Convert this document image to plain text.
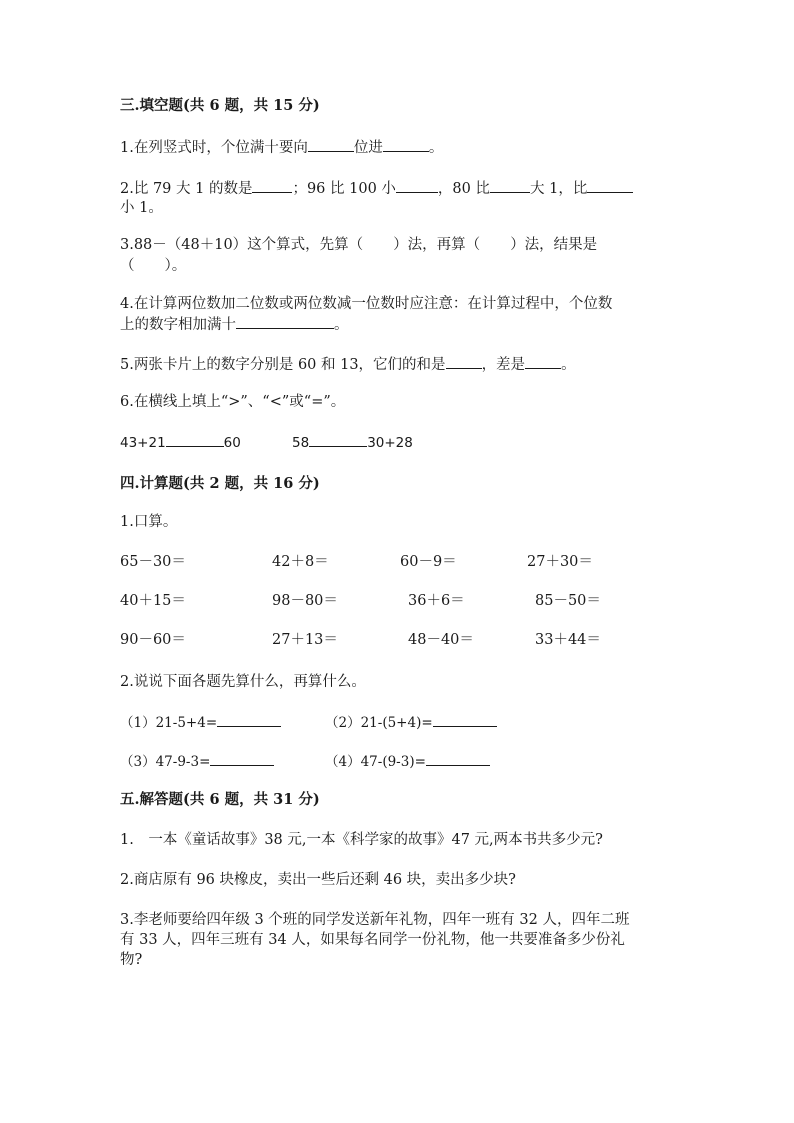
三.填空题(共 6 题，共 15 分)
1.在列竖式时，个位满十要向	位进	。
2.比 79 大 1 的数是	；96 比 100 小	，80 比	大 1，比
小 1。
3.88－（48＋10）这个算式，先算（ ）法，再算（ ）法，结果是
（ ）。
4.在计算两位数加二位数或两位数减一位数时应注意：在计算过程中，个位数
上的数字相加满十	。
5.两张卡片上的数字分别是 60 和 13，它们的和是 ，差是 。
6.在横线上填上“>”、“<”或“=”。
43+21	60	58	30+28
四.计算题(共 2 题，共 16 分)
1.口算。
65－30＝	42＋8＝	60－9＝	27＋30＝
40＋15＝	98－80＝	36＋6＝	85－50＝
90－60＝	27＋13＝	48－40＝	33＋44＝
2.说说下面各题先算什么，再算什么。
（1）21-5+4=	（2）21-(5+4)=
（3）47-9-3=	（4）47-(9-3)=
五.解答题(共 6 题，共 31 分)
1.　一本《童话故事》38 元,一本《科学家的故事》47 元,两本书共多少元?
2.商店原有 96 块橡皮，卖出一些后还剩 46 块，卖出多少块?
3.李老师要给四年级 3 个班的同学发送新年礼物，四年一班有 32 人，四年二班
有 33 人，四年三班有 34 人，如果每名同学一份礼物，他一共要准备多少份礼
物?
